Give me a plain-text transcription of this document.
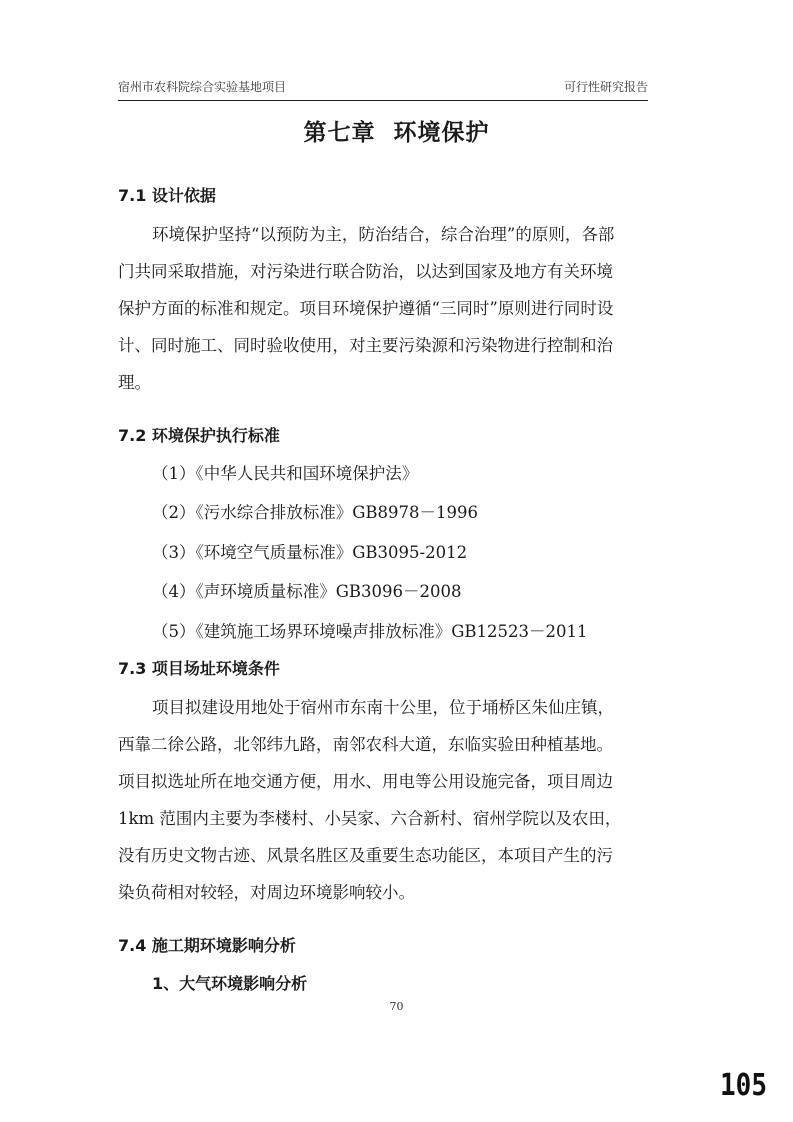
宿州市农科院综合实验基地项目	可行性研究报告
第七章 环境保护
7.1 设计依据
环境保护坚持“以预防为主，防治结合，综合治理”的原则，各部
门共同采取措施，对污染进行联合防治，以达到国家及地方有关环境
保护方面的标准和规定。项目环境保护遵循“三同时”原则进行同时设
计、同时施工、同时验收使用，对主要污染源和污染物进行控制和治
理。
7.2 环境保护执行标准
（1）《中华人民共和国环境保护法》
（2）《污水综合排放标准》GB8978－1996
（3）《环境空气质量标准》GB3095-2012
（4）《声环境质量标准》GB3096－2008
（5）《建筑施工场界环境噪声排放标准》GB12523－2011
7.3 项目场址环境条件
项目拟建设用地处于宿州市东南十公里，位于埇桥区朱仙庄镇，
西靠二徐公路，北邻纬九路，南邻农科大道，东临实验田种植基地。
项目拟选址所在地交通方便，用水、用电等公用设施完备，项目周边
1km 范围内主要为李楼村、小吴家、六合新村、宿州学院以及农田，
没有历史文物古迹、风景名胜区及重要生态功能区，本项目产生的污
染负荷相对较轻，对周边环境影响较小。
7.4 施工期环境影响分析
1、大气环境影响分析
70
105
